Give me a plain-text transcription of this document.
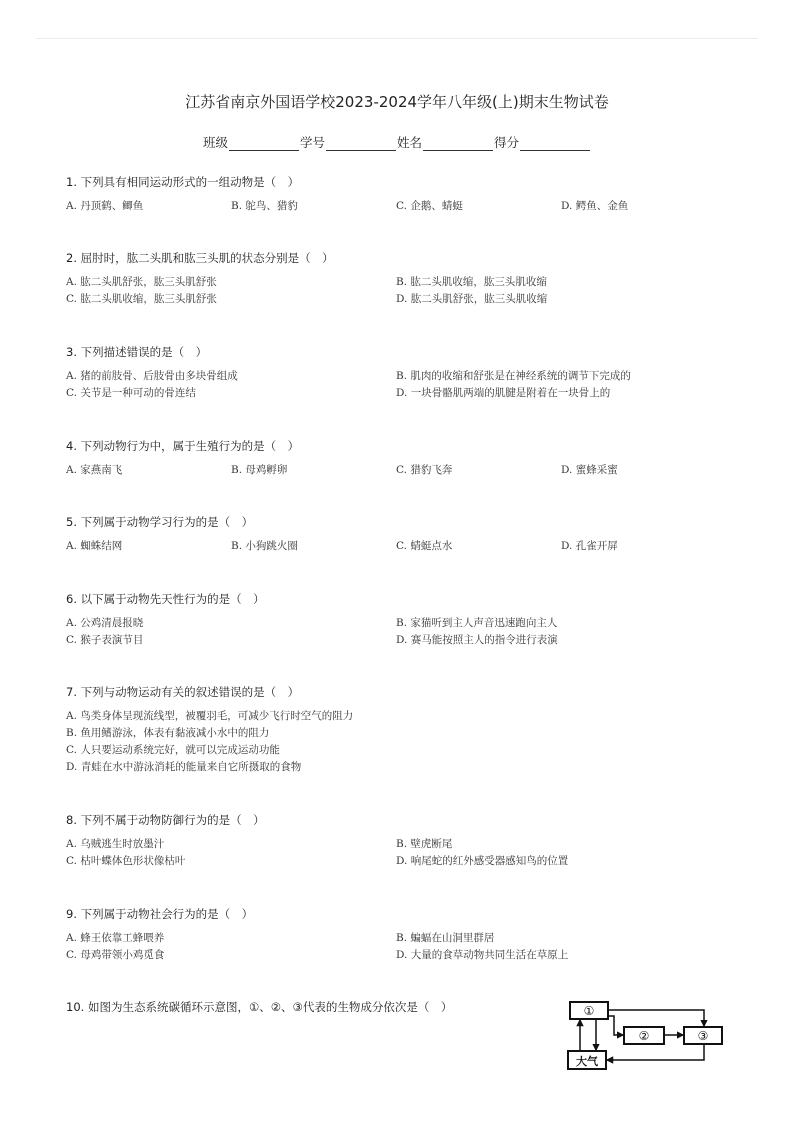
江苏省南京外国语学校2023-2024学年八年级(上)期末生物试卷
班级	学号	姓名	得分
1. 下列具有相同运动形式的一组动物是（　）
A. 丹顶鹤、鲫鱼	B. 鸵鸟、猎豹	C. 企鹅、蜻蜓	D. 鳄鱼、金鱼
2. 屈肘时，肱二头肌和肱三头肌的状态分别是（　）
A. 肱二头肌舒张，肱三头肌舒张	B. 肱二头肌收缩，肱三头肌收缩
C. 肱二头肌收缩，肱三头肌舒张	D. 肱二头肌舒张，肱三头肌收缩
3. 下列描述错误的是（　）
A. 猪的前肢骨、后肢骨由多块骨组成	B. 肌肉的收缩和舒张是在神经系统的调节下完成的
C. 关节是一种可动的骨连结	D. 一块骨骼肌两端的肌腱是附着在一块骨上的
4. 下列动物行为中，属于生殖行为的是（　）
A. 家燕南飞	B. 母鸡孵卵	C. 猎豹飞奔	D. 蜜蜂采蜜
5. 下列属于动物学习行为的是（　）
A. 蜘蛛结网	B. 小狗跳火圈	C. 蜻蜓点水	D. 孔雀开屏
6. 以下属于动物先天性行为的是（　）
A. 公鸡清晨报晓	B. 家猫听到主人声音迅速跑向主人
C. 猴子表演节目	D. 赛马能按照主人的指令进行表演
7. 下列与动物运动有关的叙述错误的是（　）
A. 鸟类身体呈现流线型，被覆羽毛，可减少飞行时空气的阻力
B. 鱼用鳍游泳，体表有黏液减小水中的阻力
C. 人只要运动系统完好，就可以完成运动功能
D. 青蛙在水中游泳消耗的能量来自它所摄取的食物
8. 下列不属于动物防御行为的是（　）
A. 乌贼逃生时放墨汁	B. 壁虎断尾
C. 枯叶蝶体色形状像枯叶	D. 响尾蛇的红外感受器感知鸟的位置
9. 下列属于动物社会行为的是（　）
A. 蜂王依靠工蜂喂养	B. 蝙蝠在山洞里群居
C. 母鸡带领小鸡觅食	D. 大量的食草动物共同生活在草原上
10. 如图为生态系统碳循环示意图，①、②、③代表的生物成分依次是（　）	①
②	③
大气
